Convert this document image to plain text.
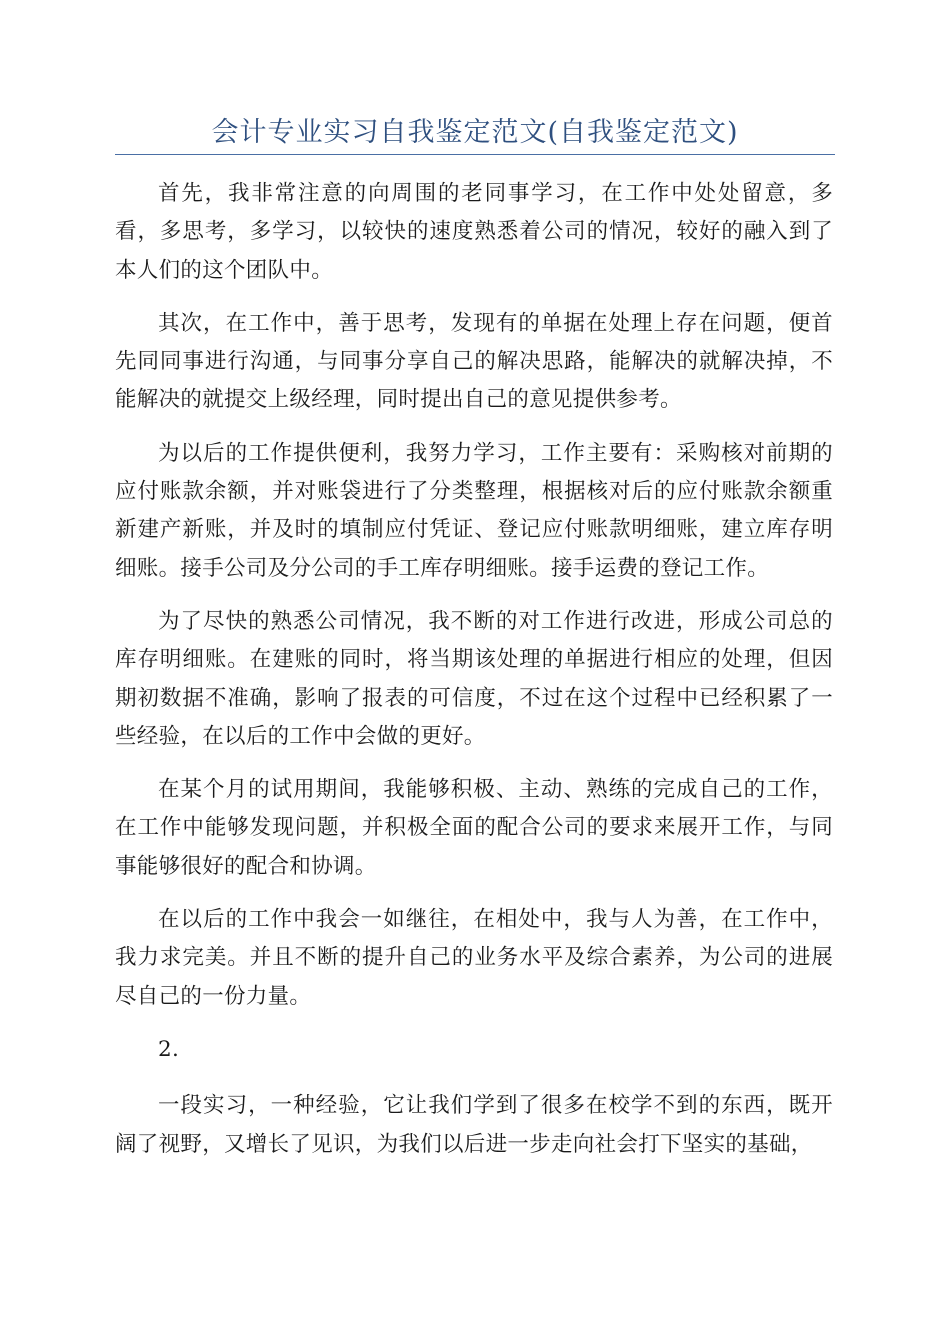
会计专业实习自我鉴定范文(自我鉴定范文)

首先，我非常注意的向周围的老同事学习，在工作中处处留意，多看，多思考，多学习，以较快的速度熟悉着公司的情况，较好的融入到了本人们的这个团队中。

其次，在工作中，善于思考，发现有的单据在处理上存在问题，便首先同同事进行沟通，与同事分享自己的解决思路，能解决的就解决掉，不能解决的就提交上级经理，同时提出自己的意见提供参考。

为以后的工作提供便利，我努力学习，工作主要有：采购核对前期的应付账款余额，并对账袋进行了分类整理，根据核对后的应付账款余额重新建产新账，并及时的填制应付凭证、登记应付账款明细账，建立库存明细账。接手公司及分公司的手工库存明细账。接手运费的登记工作。

为了尽快的熟悉公司情况，我不断的对工作进行改进，形成公司总的库存明细账。在建账的同时，将当期该处理的单据进行相应的处理，但因期初数据不准确，影响了报表的可信度，不过在这个过程中已经积累了一些经验，在以后的工作中会做的更好。

在某个月的试用期间，我能够积极、主动、熟练的完成自己的工作，在工作中能够发现问题，并积极全面的配合公司的要求来展开工作，与同事能够很好的配合和协调。

在以后的工作中我会一如继往，在相处中，我与人为善，在工作中，我力求完美。并且不断的提升自己的业务水平及综合素养，为公司的进展尽自己的一份力量。

2.

一段实习，一种经验，它让我们学到了很多在校学不到的东西，既开阔了视野，又增长了见识，为我们以后进一步走向社会打下坚实的基础，
